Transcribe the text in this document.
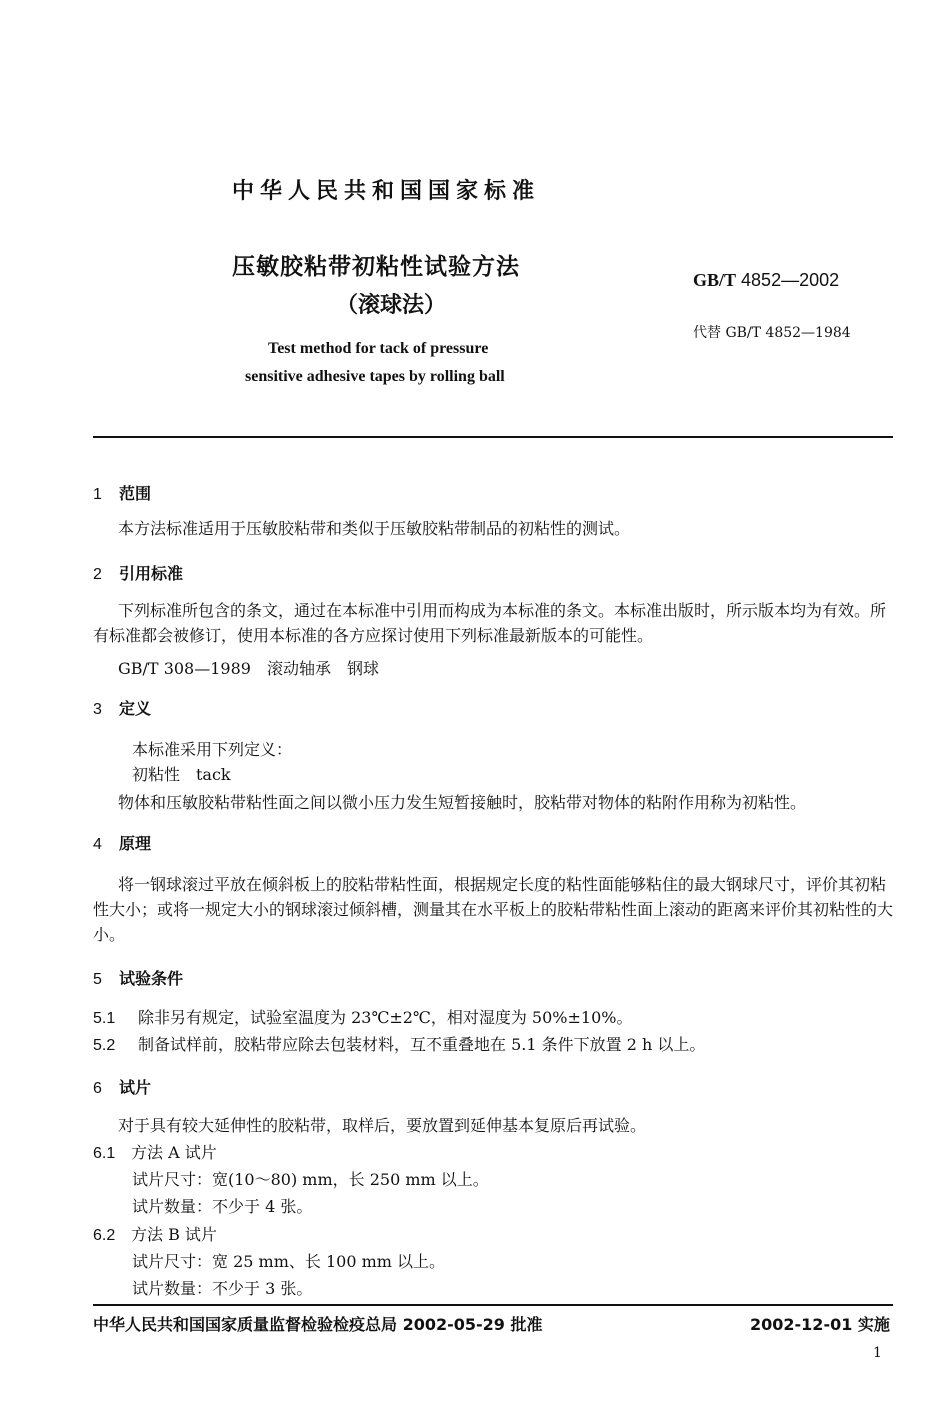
中华人民共和国国家标准
压敏胶粘带初粘性试验方法
（滚球法）
Test method for tack of pressure
sensitive adhesive tapes by rolling ball
GB/T 4852—2002
代替 GB/T 4852—1984
1 范围
本方法标准适用于压敏胶粘带和类似于压敏胶粘带制品的初粘性的测试。
2 引用标准
下列标准所包含的条文，通过在本标准中引用而构成为本标准的条文。本标准出版时，所示版本均为有效。所有标准都会被修订，使用本标准的各方应探讨使用下列标准最新版本的可能性。
GB/T 308—1989　滚动轴承　钢球
3 定义
本标准采用下列定义：
初粘性　tack
物体和压敏胶粘带粘性面之间以微小压力发生短暂接触时，胶粘带对物体的粘附作用称为初粘性。
4 原理
将一钢球滚过平放在倾斜板上的胶粘带粘性面，根据规定长度的粘性面能够粘住的最大钢球尺寸，评价其初粘性大小；或将一规定大小的钢球滚过倾斜槽，测量其在水平板上的胶粘带粘性面上滚动的距离来评价其初粘性的大小。
5 试验条件
5.1 除非另有规定，试验室温度为 23℃±2℃，相对湿度为 50%±10%。
5.2 制备试样前，胶粘带应除去包装材料，互不重叠地在 5.1 条件下放置 2 h 以上。
6 试片
对于具有较大延伸性的胶粘带，取样后，要放置到延伸基本复原后再试验。
6.1 方法 A 试片
试片尺寸：宽(10～80) mm，长 250 mm 以上。
试片数量：不少于 4 张。
6.2 方法 B 试片
试片尺寸：宽 25 mm、长 100 mm 以上。
试片数量：不少于 3 张。
中华人民共和国国家质量监督检验检疫总局 2002-05-29 批准	2002-12-01 实施
1
